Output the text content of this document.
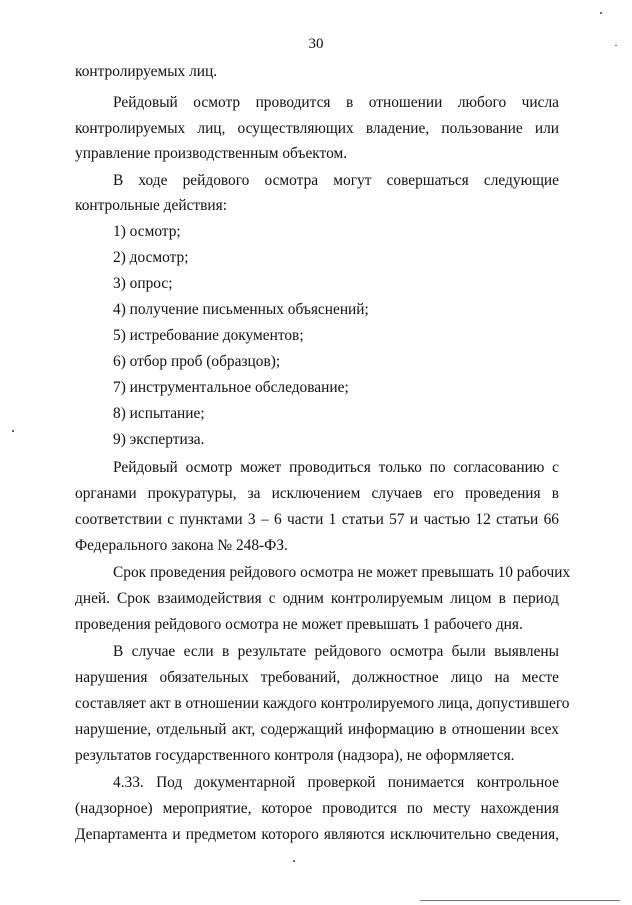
30
контролируемых лиц.
Рейдовый осмотр проводится в отношении любого числа
контролируемых лиц, осуществляющих владение, пользование или
управление производственным объектом.
В ходе рейдового осмотра могут совершаться следующие
контрольные действия:
1) осмотр;
2) досмотр;
3) опрос;
4) получение письменных объяснений;
5) истребование документов;
6) отбор проб (образцов);
7) инструментальное обследование;
8) испытание;
9) экспертиза.
Рейдовый осмотр может проводиться только по согласованию с
органами прокуратуры, за исключением случаев его проведения в
соответствии с пунктами 3 – 6 части 1 статьи 57 и частью 12 статьи 66
Федерального закона № 248-ФЗ.
Срок проведения рейдового осмотра не может превышать 10 рабочих
дней. Срок взаимодействия с одним контролируемым лицом в период
проведения рейдового осмотра не может превышать 1 рабочего дня.
В случае если в результате рейдового осмотра были выявлены
нарушения обязательных требований, должностное лицо на месте
составляет акт в отношении каждого контролируемого лица, допустившего
нарушение, отдельный акт, содержащий информацию в отношении всех
результатов государственного контроля (надзора), не оформляется.
4.33. Под документарной проверкой понимается контрольное
(надзорное) мероприятие, которое проводится по месту нахождения
Департамента и предметом которого являются исключительно сведения,
